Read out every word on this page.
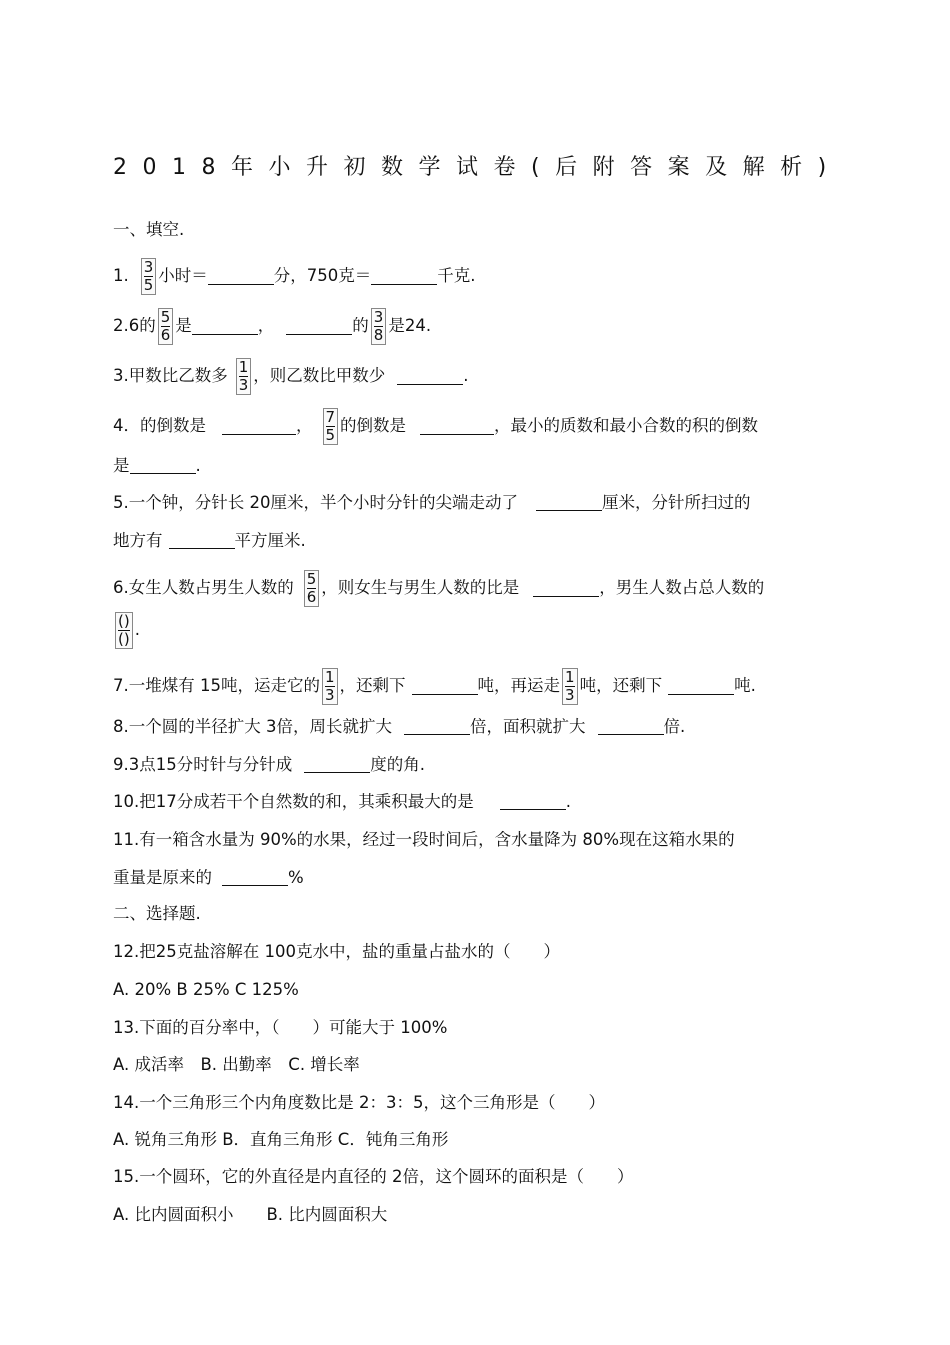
2018年小升初数学试卷(后附答案及解析)
一、填空.
1. $\frac{3}{5}$ 小时＝	分，750克＝	千克.
2.6的 $\frac{5}{6}$ 是	，	的 $\frac{3}{8}$ 是24.
3.甲数比乙数多 $\frac{1}{3}$ ，则乙数比甲数少	.
4．的倒数是	， $\frac{7}{5}$ 的倒数是	，最小的质数和最小合数的积的倒数
是	.
5.一个钟，分针长 20厘米，半个小时分针的尖端走动了	厘米，分针所扫过的
地方有	平方厘米.
6.女生人数占男生人数的 $\frac{5}{6}$ ，则女生与男生人数的比是	，男生人数占总人数的
$\frac{()}{()}$ .
7.一堆煤有 15吨，运走它的 $\frac{1}{3}$ ，还剩下	吨，再运走 $\frac{1}{3}$ 吨，还剩下	吨.
8.一个圆的半径扩大 3倍，周长就扩大	倍，面积就扩大	倍.
9.3点15分时针与分针成	度的角.
10.把17分成若干个自然数的和，其乘积最大的是	.
11.有一箱含水量为 90%的水果，经过一段时间后，含水量降为 80%现在这箱水果的
重量是原来的	%
二、选择题.
12.把25克盐溶解在 100克水中，盐的重量占盐水的（　　）
A. 20% B 25% C 125%
13.下面的百分率中，（　　）可能大于 100%
A. 成活率　B. 出勤率　C. 增长率
14.一个三角形三个内角度数比是 2：3：5，这个三角形是（　　）
A. 锐角三角形 B．直角三角形 C．钝角三角形
15.一个圆环，它的外直径是内直径的 2倍，这个圆环的面积是（　　）
A. 比内圆面积小　　B. 比内圆面积大
